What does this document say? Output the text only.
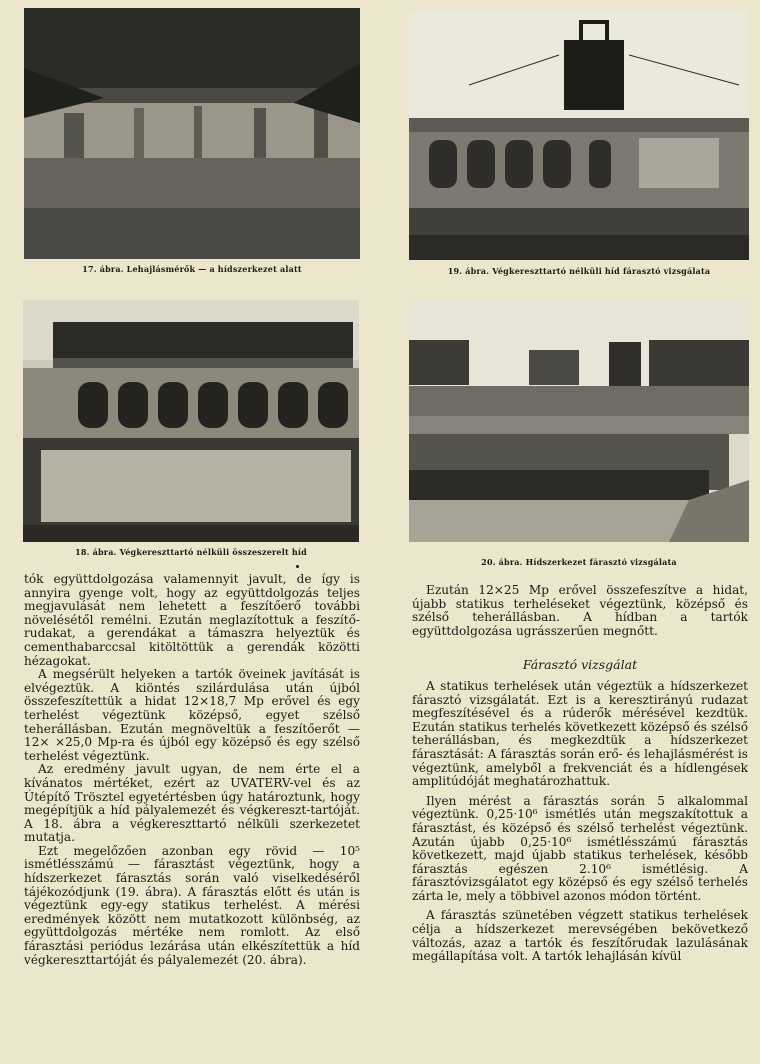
17. ábra. Lehajlásmérők — a hídszerkezet alatt	19. ábra. Végkereszttartó nélküli híd fárasztó vizsgálata
18. ábra. Végkereszttartó nélküli összeszerelt híd
20. ábra. Hídszerkezet fárasztó vizsgálata

tók együttdolgozása valamennyit javult, de így is annyira gyenge volt, hogy az együttdolgozás teljes megjavulását nem lehetett a feszítőerő további növelésétől remélni. Ezután meglazítottuk a feszítő-rudakat, a gerendákat a támaszra helyeztük és cementhabarccsal kitöltöttük a gerendák közötti hézagokat.

A megsérült helyeken a tartók öveinek javítását is elvégeztük. A kiöntés szilárdulása után újból összefeszítettük a hidat 12×18,7 Mp erővel és egy terhelést végeztünk középső, egyet szélső teherállásban. Ezután megnöveltük a feszítőerőt — 12× ×25,0 Mp-ra és újból egy középső és egy szélső terhelést végeztünk.

Az eredmény javult ugyan, de nem érte el a kívánatos mértéket, ezért az UVATERV-vel és az Útépítő Trösztel egyetértésben úgy határoztunk, hogy megépítjük a híd pályalemezét és végkereszt-tartóját. A 18. ábra a végkereszttartó nélküli szerkezetet mutatja.

Ezt megelőzően azonban egy rövid — 10⁵ ismétlésszámú — fárasztást végeztünk, hogy a hídszerkezet fárasztás során való viselkedéséről tájékozódjunk (19. ábra). A fárasztás előtt és után is végeztünk egy-egy statikus terhelést. A mérési eredmények között nem mutatkozott különbség, az együttdolgozás mértéke nem romlott. Az első fárasztási periódus lezárása után elkészítettük a híd végkereszttartóját és pályalemezét (20. ábra).

Ezután 12×25 Mp erővel összefeszítve a hidat, újabb statikus terheléseket végeztünk, középső és szélső teherállásban. A hídban a tartók együttdolgozása ugrásszerűen megnőtt.

Fárasztó vizsgálat

A statikus terhelések után végeztük a hídszerkezet fárasztó vizsgálatát. Ezt is a keresztirányú rudazat megfeszítésével és a rúderők mérésével kezdtük. Ezután statikus terhelés következett középső és szélső teherállásban, és megkezdtük a hídszerkezet fárasztását: A fárasztás során erő- és lehajlásmérést is végeztünk, amelyből a frekvenciát és a hídlengések amplitúdóját meghatározhattuk.

Ilyen mérést a fárasztás során 5 alkalommal végeztünk. 0,25·10⁶ ismétlés után megszakítottuk a fárasztást, és középső és szélső terhelést végeztünk. Azután újabb 0,25·10⁶ ismétlésszámú fárasztás következett, majd újabb statikus terhelések, később fárasztás egészen 2.10⁶ ismétlésig. A fárasztóvizsgálatot egy középső és egy szélső terhelés zárta le, mely a többivel azonos módon történt.

A fárasztás szünetében végzett statikus terhelések célja a hídszerkezet merevségében bekövetkező változás, azaz a tartók és feszítőrudak lazulásának megállapítása volt. A tartók lehajlásán kívül
